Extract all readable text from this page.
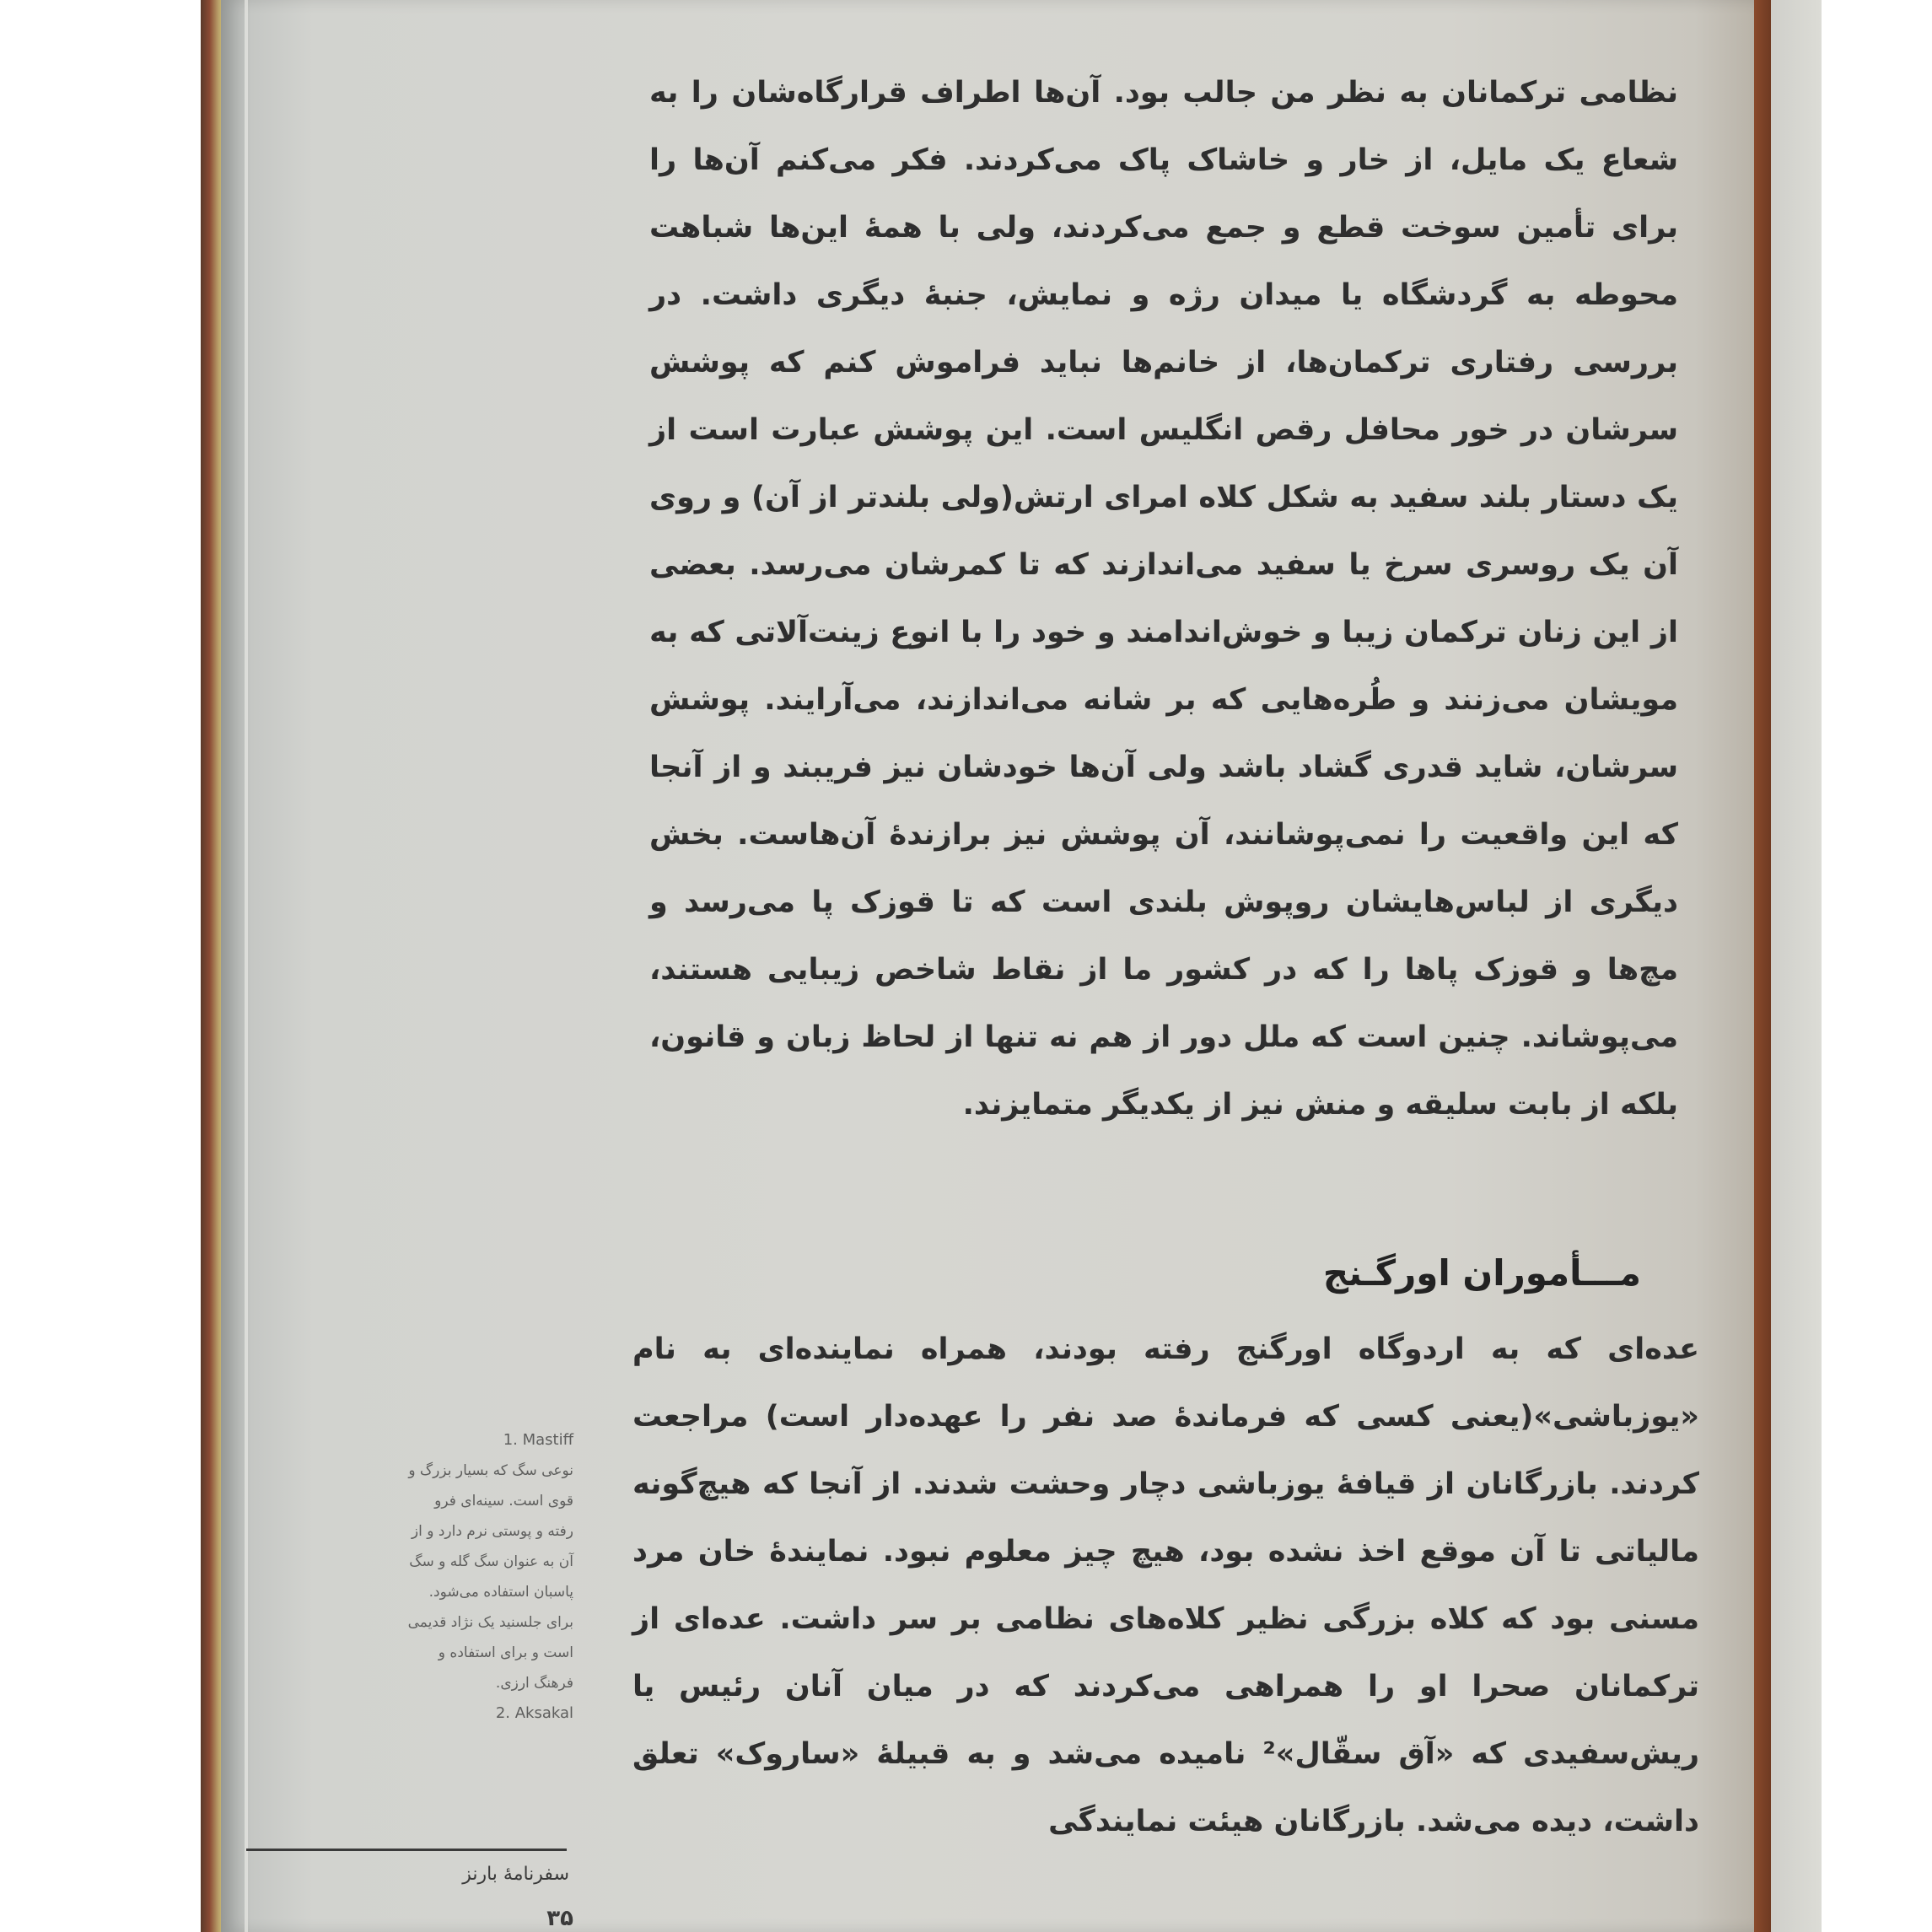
نظامی ترکمانان به نظر من جالب بود. آن‌ها اطراف قرارگاه‌شان را به شعاع یک مایل، از خار و خاشاک پاک می‌کردند. فکر می‌کنم آن‌ها را برای تأمین سوخت قطع و جمع می‌کردند، ولی با همهٔ این‌ها شباهت محوطه به گردشگاه یا میدان رژه و نمایش، جنبهٔ دیگری داشت. در بررسی رفتاری ترکمان‌ها، از خانم‌ها نباید فراموش کنم که پوشش سرشان در خور محافل رقص انگلیس است. این پوشش عبارت است از یک دستار بلند سفید به شکل کلاه امرای ارتش(ولی بلندتر از آن) و روی آن یک روسری سرخ یا سفید می‌اندازند که تا کمرشان می‌رسد. بعضی از این زنان ترکمان زیبا و خوش‌اندامند و خود را با انوع زینت‌آلاتی که به مویشان می‌زنند و طُره‌هایی که بر شانه می‌اندازند، می‌آرایند. پوشش سرشان، شاید قدری گشاد باشد ولی آن‌ها خودشان نیز فریبند و از آنجا که این واقعیت را نمی‌پوشانند، آن پوشش نیز برازندهٔ آن‌هاست. بخش دیگری از لباس‌هایشان روپوش بلندی است که تا قوزک پا می‌رسد و مچ‌ها و قوزک پاها را که در کشور ما از نقاط شاخص زیبایی هستند، می‌پوشاند. چنین است که ملل دور از هم نه تنها از لحاظ زبان و قانون، بلکه از بابت سلیقه و منش نیز از یکدیگر متمایزند.

مـــأموران اورگـنج

عده‌ای که به اردوگاه اورگنج رفته بودند، همراه نماینده‌ای به نام «یوزباشی»(یعنی کسی که فرماندهٔ صد نفر را عهده‌دار است) مراجعت کردند. بازرگانان از قیافهٔ یوزباشی دچار وحشت شدند. از آنجا که هیچ‌گونه مالیاتی تا آن موقع اخذ نشده بود، هیچ چیز معلوم نبود. نمایندهٔ خان مرد مسنی بود که کلاه بزرگی نظیر کلاه‌های نظامی بر سر داشت. عده‌ای از ترکمانان صحرا او را همراهی می‌کردند که در میان آنان رئیس یا ریش‌سفیدی که «آق سقّال»² نامیده می‌شد و به قبیلهٔ «ساروک» تعلق داشت، دیده می‌شد. بازرگانان هیئت نمایندگی

1. Mastiff
نوعی سگ که بسیار بزرگ و قوی است. سینه‌ای فرو رفته و پوستی نرم دارد و از آن به عنوان سگ گله و سگ پاسبان استفاده می‌شود. برای جلسنید یک نژاد قدیمی است و برای استفاده و فرهنگ ارزی.
2. Aksakal
سفرنامهٔ بارنز
۳۵
